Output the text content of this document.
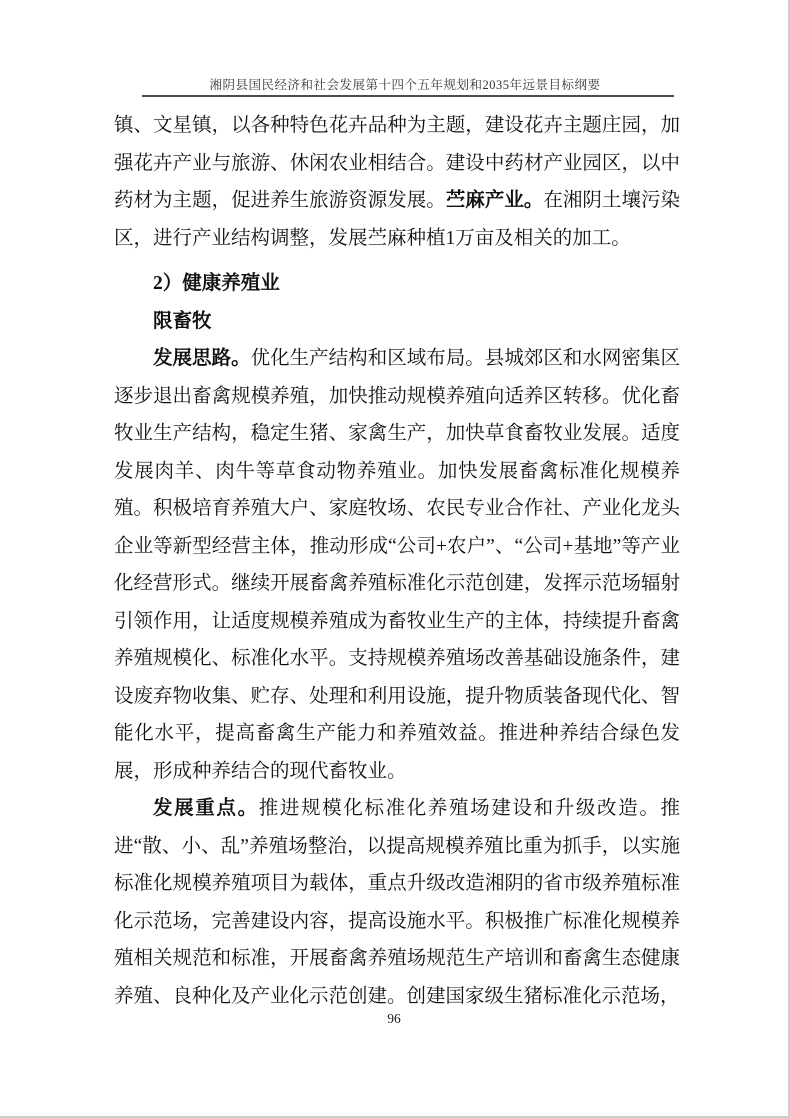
湘阴县国民经济和社会发展第十四个五年规划和2035年远景目标纲要

镇、文星镇，以各种特色花卉品种为主题，建设花卉主题庄园，加强花卉产业与旅游、休闲农业相结合。建设中药材产业园区，以中药材为主题，促进养生旅游资源发展。苎麻产业。在湘阴土壤污染区，进行产业结构调整，发展苎麻种植1万亩及相关的加工。

2）健康养殖业
限畜牧

发展思路。优化生产结构和区域布局。县城郊区和水网密集区逐步退出畜禽规模养殖，加快推动规模养殖向适养区转移。优化畜牧业生产结构，稳定生猪、家禽生产，加快草食畜牧业发展。适度发展肉羊、肉牛等草食动物养殖业。加快发展畜禽标准化规模养殖。积极培育养殖大户、家庭牧场、农民专业合作社、产业化龙头企业等新型经营主体，推动形成“公司+农户”、“公司+基地”等产业化经营形式。继续开展畜禽养殖标准化示范创建，发挥示范场辐射引领作用，让适度规模养殖成为畜牧业生产的主体，持续提升畜禽养殖规模化、标准化水平。支持规模养殖场改善基础设施条件，建设废弃物收集、贮存、处理和利用设施，提升物质装备现代化、智能化水平，提高畜禽生产能力和养殖效益。推进种养结合绿色发展，形成种养结合的现代畜牧业。

发展重点。推进规模化标准化养殖场建设和升级改造。推进“散、小、乱”养殖场整治，以提高规模养殖比重为抓手，以实施标准化规模养殖项目为载体，重点升级改造湘阴的省市级养殖标准化示范场，完善建设内容，提高设施水平。积极推广标准化规模养殖相关规范和标准，开展畜禽养殖场规范生产培训和畜禽生态健康养殖、良种化及产业化示范创建。创建国家级生猪标准化示范场，

96
